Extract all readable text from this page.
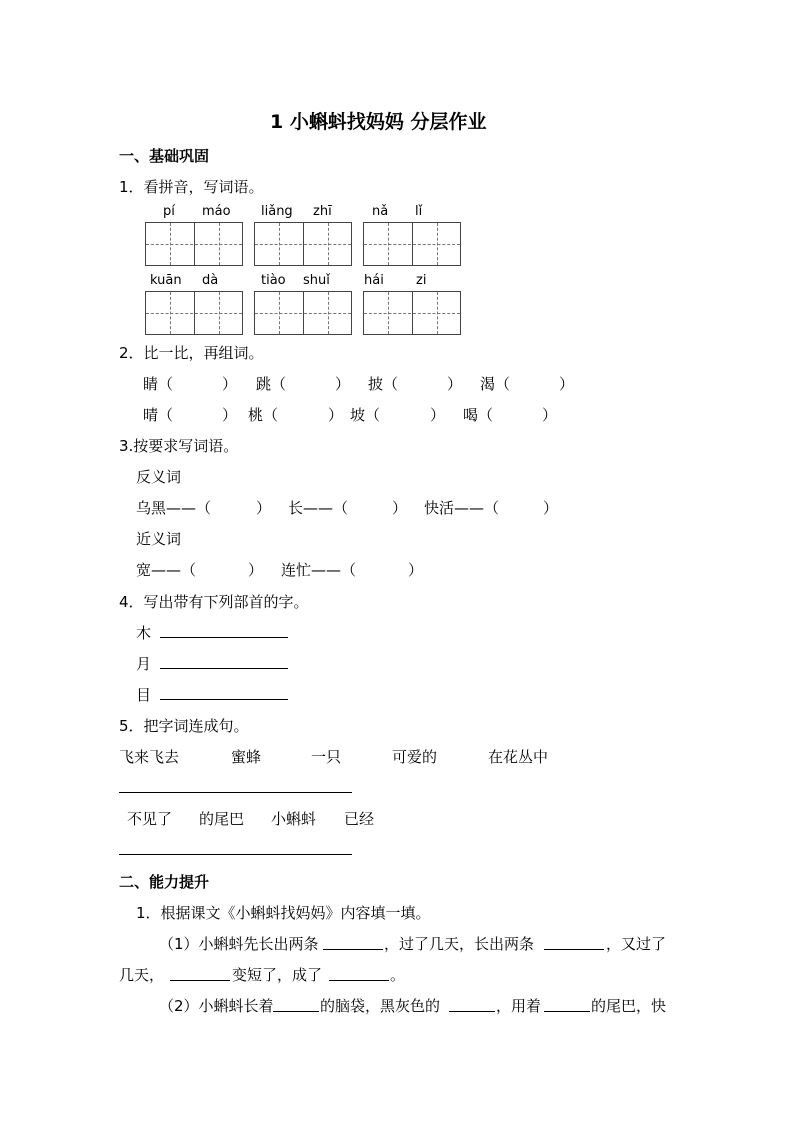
1 小蝌蚪找妈妈 分层作业
一、基础巩固
1．看拼音，写词语。
pí máo liǎng zhī	nǎ lǐ
kuān dà	tiào shuǐ	hái zi
2．比一比，再组词。
睛（	） 跳（	） 披（	） 渴（	）
晴（	） 桃（	） 坡（	） 喝（	）
3.按要求写词语。
反义词
乌黑——（	） 长——（	） 快活——（	）
近义词
宽——（	） 连忙——（	）
4．写出带有下列部首的字。
木
月
目
5．把字词连成句。
飞来飞去	蜜蜂	一只	可爱的	在花丛中
不见了 的尾巴 小蝌蚪 已经
二、能力提升
1．根据课文《小蝌蚪找妈妈》内容填一填。
（1）小蝌蚪先长出两条	，过了几天，长出两条	，又过了
几天，	变短了，成了	。
（2）小蝌蚪长着	的脑袋，黑灰色的	，用着	的尾巴，快
